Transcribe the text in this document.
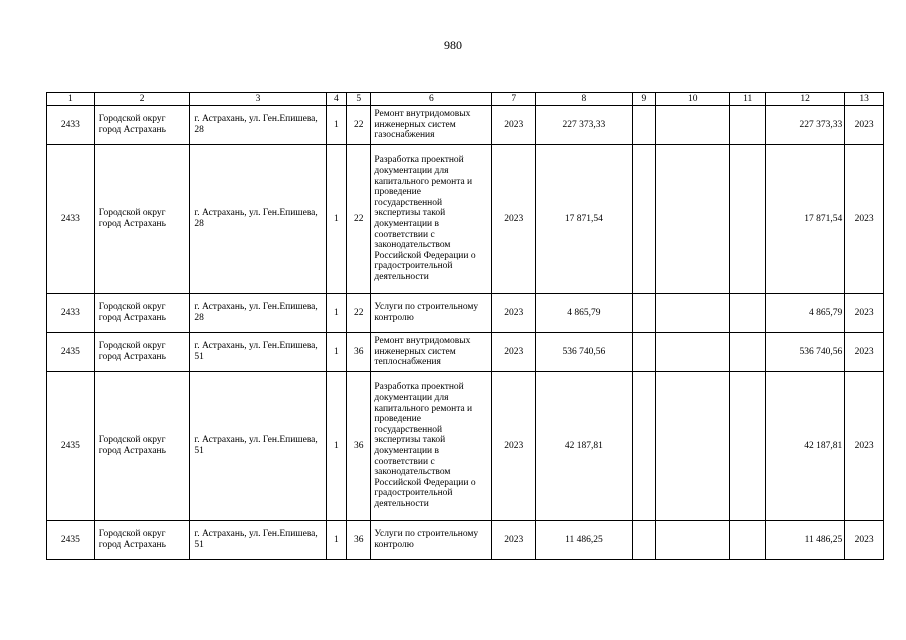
980
1	2	3	4	5	6	7	8	9	10	11	12	13
2433	Городской округ город Астрахань	г. Астрахань, ул. Ген.Епишева, 28	1	22	Ремонт внутридомовых инженерных систем газоснабжения	2023	227 373,33				227 373,33	2023
2433	Городской округ город Астрахань	г. Астрахань, ул. Ген.Епишева, 28	1	22	Разработка проектной документации для капитального ремонта и проведение государственной экспертизы такой документации в соответствии с законодательством Российской Федерации о градостроительной деятельности	2023	17 871,54				17 871,54	2023
2433	Городской округ город Астрахань	г. Астрахань, ул. Ген.Епишева, 28	1	22	Услуги по строительному контролю	2023	4 865,79				4 865,79	2023
2435	Городской округ город Астрахань	г. Астрахань, ул. Ген.Епишева, 51	1	36	Ремонт внутридомовых инженерных систем теплоснабжения	2023	536 740,56				536 740,56	2023
2435	Городской округ город Астрахань	г. Астрахань, ул. Ген.Епишева, 51	1	36	Разработка проектной документации для капитального ремонта и проведение государственной экспертизы такой документации в соответствии с законодательством Российской Федерации о градостроительной деятельности	2023	42 187,81				42 187,81	2023
2435	Городской округ город Астрахань	г. Астрахань, ул. Ген.Епишева, 51	1	36	Услуги по строительному контролю	2023	11 486,25				11 486,25	2023
